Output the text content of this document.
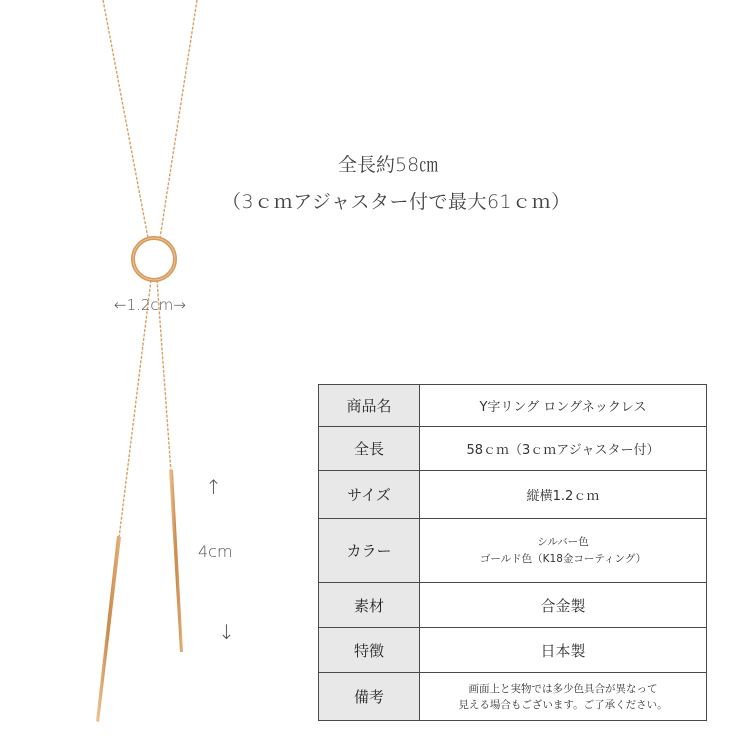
全長約58㎝
（3ｃｍアジャスター付で最大61ｃｍ）
←1.2cm→
↑
4cm
↓
商品名	Y字リング ロングネックレス
全長	58ｃｍ（3ｃｍアジャスター付）
サイズ	縦横1.2ｃｍ
カラー	シルバー色
ゴールド色（K18金コーティング）

素材	合金製
特徴	日本製
備考	画面上と実物では多少色具合が異なって
見える場合もございます。ご了承ください。
